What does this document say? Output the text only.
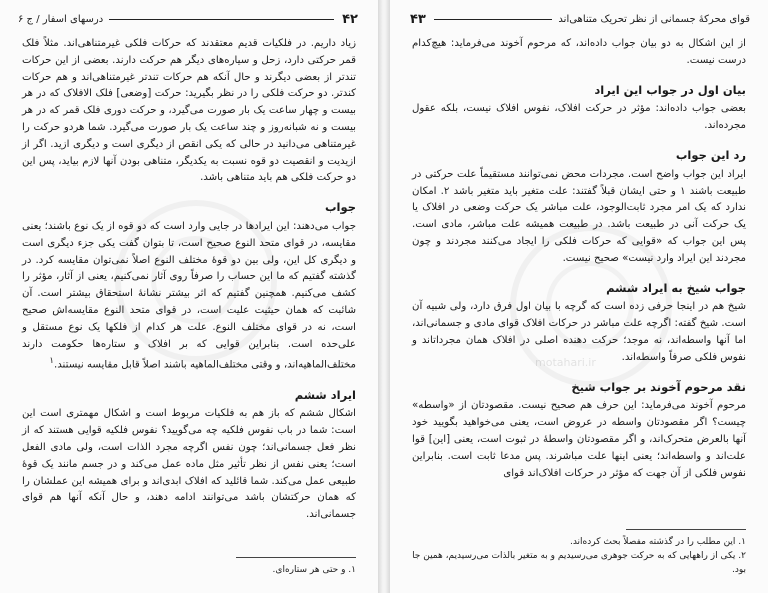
۴۲
درسهای اسفار / ج ۶

زیاد داریم. در فلکیات قدیم معتقدند که حرکات فلکی غیرمتناهی‌اند. مثلاً فلک قمر حرکتی دارد، زحل و سیاره‌های دیگر هم حرکت دارند. بعضی از این حرکات تندتر از بعضی دیگرند و حال آنکه هم حرکات تندتر غیرمتناهی‌اند و هم حرکات کندتر. دو حرکت فلکی را در نظر بگیرید: حرکت [وضعی] فلک الافلاک که در هر بیست و چهار ساعت یک بار صورت می‌گیرد، و حرکت دوری فلک قمر که در هر بیست و نه شبانه‌روز و چند ساعت یک بار صورت می‌گیرد. شما هردو حرکت را غیرمتناهی می‌دانید در حالی که یکی انقص از دیگری است و دیگری ازید. اگر از ازیدیت و انقصیت دو قوه نسبت به یکدیگر، متناهی بودن آنها لازم بیاید، پس این دو حرکت فلکی هم باید متناهی باشد.

جواب

جواب می‌دهند: این ایرادها در جایی وارد است که دو قوه از یک نوع باشند؛ یعنی مقایسه، در قوای متحد النوع صحیح است، تا بتوان گفت یکی جزء دیگری است و دیگری کل این، ولی بین دو قوهٔ مختلف النوع اصلاً نمی‌توان مقایسه کرد. در گذشته گفتیم که ما این حساب را صرفاً روی آثار نمی‌کنیم، یعنی از آثار، مؤثر را کشف می‌کنیم. همچنین گفتیم که اثر بیشتر نشانهٔ استحقاق بیشتر است. آن شائبت که همان حیثیت علیت است، در قوای متحد النوع مقایسه‌اش صحیح است، نه در قوای مختلف النوع. علت هر کدام از فلکها یک نوع مستقل و علی‌حده است. بنابراین قوایی که بر افلاک و ستاره‌ها حکومت دارند مختلف‌الماهیه‌اند، و وقتی مختلف‌الماهیه باشند اصلاً قابل مقایسه نیستند.$^۱$

ایراد ششم

اشکال ششم که باز هم به فلکیات مربوط است و اشکال مهمتری است این است: شما در باب نفوس فلکیه چه می‌گویید؟ نفوس فلکیه قوایی هستند که از نظر فعل جسمانی‌اند؛ چون نفس اگرچه مجرد الذات است، ولی مادی الفعل است؛ یعنی نفس از نظر تأثیر مثل ماده عمل می‌کند و در جسم مانند یک قوهٔ طبیعی عمل می‌کند. شما قائلید که افلاک ابدی‌اند و برای همیشه این عملشان را که همان حرکتشان باشد می‌توانند ادامه دهند، و حال آنکه آنها هم قوای جسمانی‌اند.

۱. و حتی هر ستاره‌ای.

motahari.ir
قوای محرکهٔ جسمانی از نظر تحریک متناهی‌اند
۴۳

از این اشکال به دو بیان جواب داده‌اند، که مرحوم آخوند می‌فرماید: هیچ‌کدام درست نیست.

بیان اول در جواب این ایراد

بعضی جواب داده‌اند: مؤثر در حرکت افلاک، نفوس افلاک نیست، بلکه عقول مجرده‌اند.

رد این جواب

ایراد این جواب واضح است. مجردات محض نمی‌توانند مستقیماً علت حرکتی در طبیعت باشند ۱ و حتی ایشان قبلاً گفتند: علت متغیر باید متغیر باشد ۲. امکان ندارد که یک امر مجرد ثابت‌الوجود، علت مباشر یک حرکت وضعی در افلاک یا یک حرکت آنی در طبیعت باشد. در طبیعت همیشه علت مباشر، مادی است. پس این جواب که «قوایی که حرکات فلکی را ایجاد می‌کنند مجردند و چون مجردند این ایراد وارد نیست» صحیح نیست.

جواب شیخ به ایراد ششم

شیخ هم در اینجا حرفی زده است که گرچه با بیان اول فرق دارد، ولی شبیه آن است. شیخ گفته: اگرچه علت مباشر در حرکات افلاک قوای مادی و جسمانی‌اند، اما آنها واسطه‌اند، نه موجد؛ حرکت دهنده اصلی در افلاک همان مجرداتاند و نفوس فلکی صرفاً واسطه‌اند.

نقد مرحوم آخوند بر جواب شیخ

مرحوم آخوند می‌فرماید: این حرف هم صحیح نیست. مقصودتان از «واسطه» چیست؟ اگر مقصودتان واسطه در عروض است، یعنی می‌خواهید بگویید خود آنها بالعرض متحرک‌اند، و اگر مقصودتان واسطهٔ در ثبوت است، یعنی [این] قوا علت‌اند و واسطه‌اند؛ یعنی اینها علت مباشرند. پس مدعا ثابت است. بنابراین نفوس فلکی از آن جهت که مؤثر در حرکات افلاک‌اند قوای

۱. این مطلب را در گذشته مفصلاً بحث کرده‌اند.

۲. یکی از راههایی که به حرکت جوهری می‌رسیدیم و به متغیر بالذات می‌رسیدیم، همین جا بود.
